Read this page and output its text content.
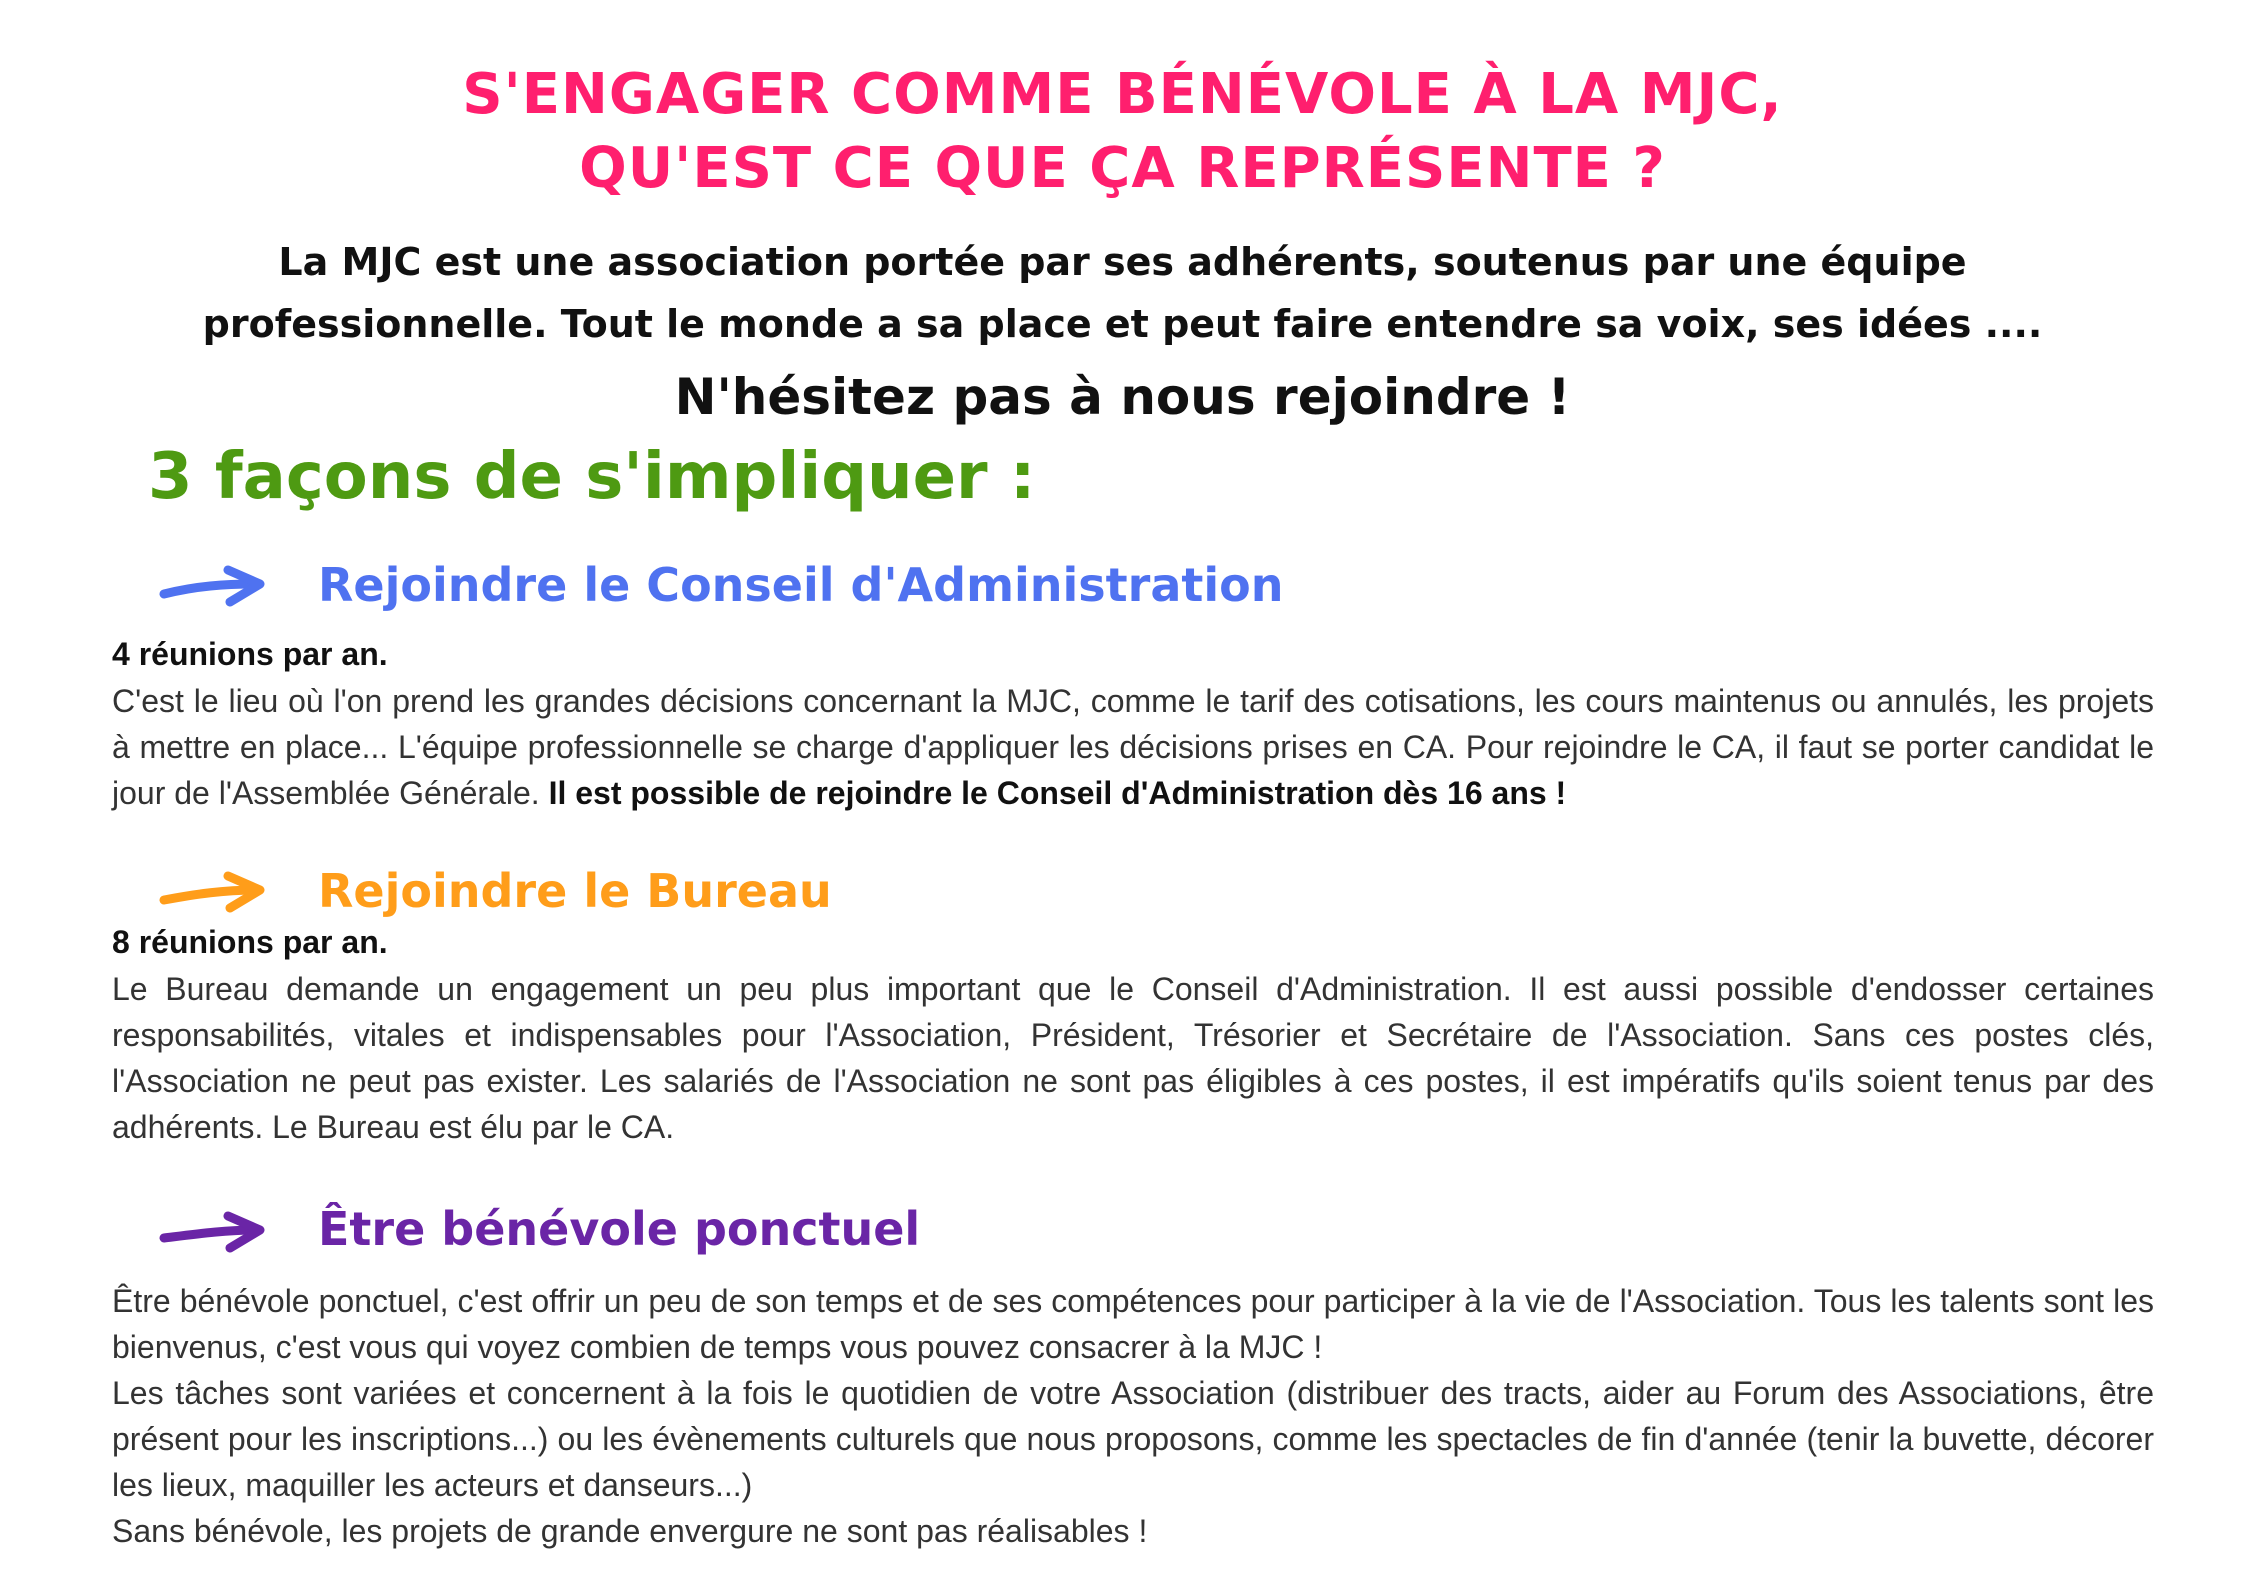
S'ENGAGER COMME BÉNÉVOLE À LA MJC,
QU'EST CE QUE ÇA REPRÉSENTE ?

La MJC est une association portée par ses adhérents, soutenus par une équipe

professionnelle. Tout le monde a sa place et peut faire entendre sa voix, ses idées ....

N'hésitez pas à nous rejoindre !

3 façons de s'impliquer :
Rejoindre le Conseil d'Administration

4 réunions par an.

C'est le lieu où l'on prend les grandes décisions concernant la MJC, comme le tarif des cotisations, les cours maintenus ou annulés, les projets à mettre en place... L'équipe professionnelle se charge d'appliquer les décisions prises en CA. Pour rejoindre le CA, il faut se porter candidat le jour de l'Assemblée Générale. Il est possible de rejoindre le Conseil d'Administration dès 16 ans !

Rejoindre le Bureau

8 réunions par an.

Le Bureau demande un engagement un peu plus important que le Conseil d'Administration. Il est aussi possible d'endosser certaines responsabilités, vitales et indispensables pour l'Association, Président, Trésorier et Secrétaire de l'Association. Sans ces postes clés, l'Association ne peut pas exister. Les salariés de l'Association ne sont pas éligibles à ces postes, il est impératifs qu'ils soient tenus par des adhérents. Le Bureau est élu par le CA.

Être bénévole ponctuel

Être bénévole ponctuel, c'est offrir un peu de son temps et de ses compétences pour participer à la vie de l'Association. Tous les talents sont les bienvenus, c'est vous qui voyez combien de temps vous pouvez consacrer à la MJC !
Les tâches sont variées et concernent à la fois le quotidien de votre Association (distribuer des tracts, aider au Forum des Associations, être présent pour les inscriptions...) ou les évènements culturels que nous proposons, comme les spectacles de fin d'année (tenir la buvette, décorer les lieux, maquiller les acteurs et danseurs...)
Sans bénévole, les projets de grande envergure ne sont pas réalisables !
